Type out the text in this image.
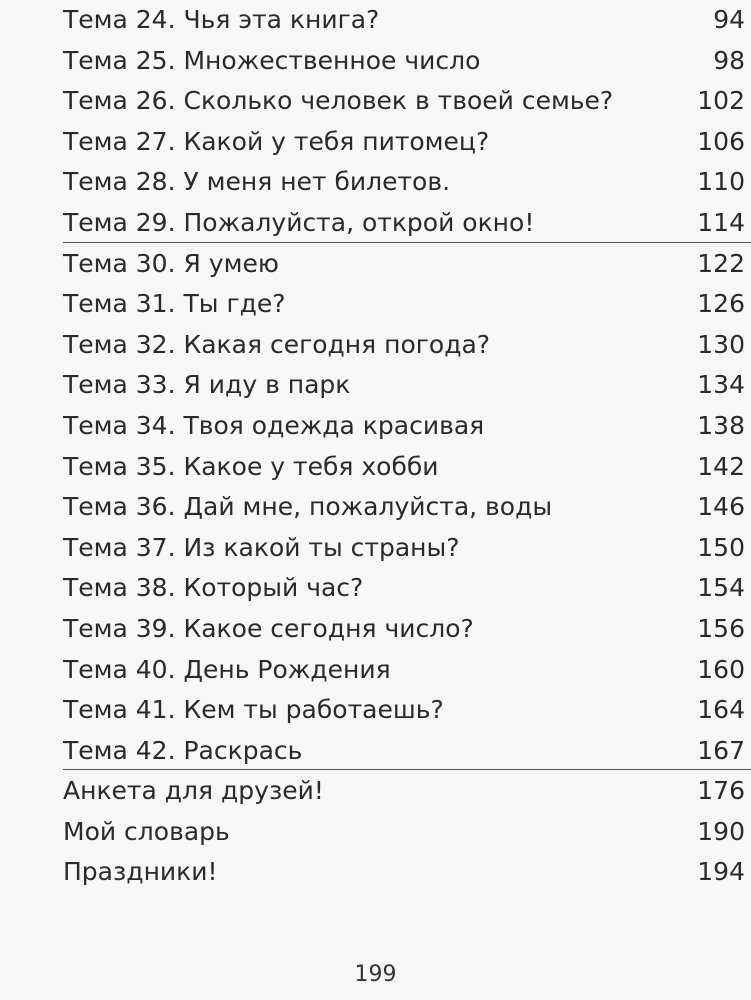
Тема 24. Чья эта книга?	94
Тема 25. Множественное число	98
Тема 26. Сколько человек в твоей семье?	102
Тема 27. Какой у тебя питомец?	106
Тема 28. У меня нет билетов.	110
Тема 29. Пожалуйста, открой окно!	114
Тема 30. Я умею	122
Тема 31. Ты где?	126
Тема 32. Какая сегодня погода?	130
Тема 33. Я иду в парк	134
Тема 34. Твоя одежда красивая	138
Тема 35. Какое у тебя хобби	142
Тема 36. Дай мне, пожалуйста, воды	146
Тема 37. Из какой ты страны?	150
Тема 38. Который час?	154
Тема 39. Какое сегодня число?	156
Тема 40. День Рождения	160
Тема 41. Кем ты работаешь?	164
Тема 42. Раскрась	167
Анкета для друзей!	176
Мой словарь	190
Праздники!	194
199
